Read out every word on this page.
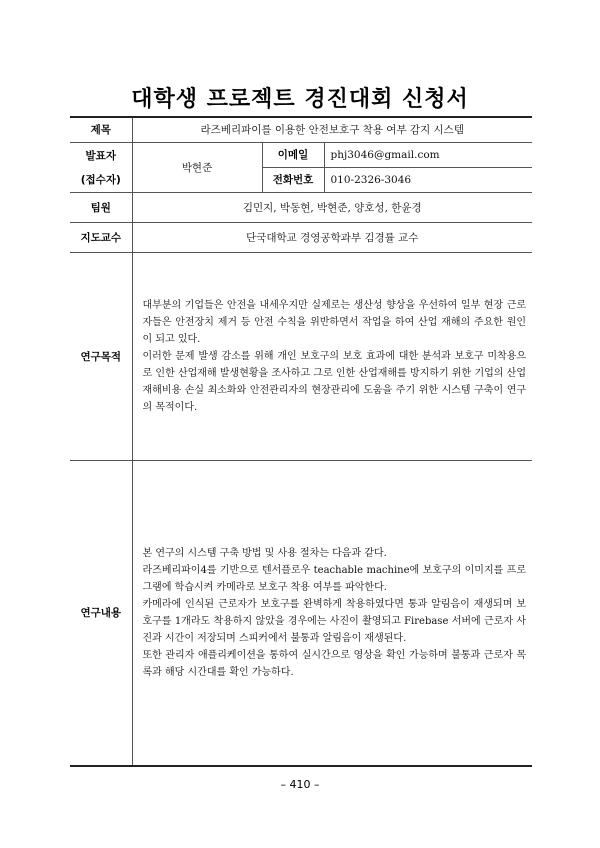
대학생 프로젝트 경진대회 신청서
제목	라즈베리파이를 이용한 안전보호구 착용 여부 감지 시스템		

발표자
(접수자)	박현준	이메일	phj3046@gmail.com
		전화번호	010-2326-3046
팀원	김민지, 박동현, 박현준, 양호성, 한윤경		
지도교수	단국대학교 경영공학과부 김경률 교수		
연구목적	대부분의 기업들은 안전을 내세우지만 실제로는 생산성 향상을 우선하여 일부 현장 근로자들은 안전장치 제거 등 안전 수칙을 위반하면서 작업을 하여 산업 재해의 주요한 원인이 되고 있다.

이러한 문제 발생 감소를 위해 개인 보호구의 보호 효과에 대한 분석과 보호구 미착용으로 인한 산업재해 발생현황을 조사하고 그로 인한 산업재해를 방지하기 위한 기업의 산업재해비용 손실 최소화와 안전관리자의 현장관리에 도움을 주기 위한 시스템 구축이 연구의 목적이다.		

연구내용	본 연구의 시스템 구축 방법 및 사용 절차는 다음과 같다.

라즈베리파이4를 기반으로 텐서플로우 teachable machine에 보호구의 이미지를 프로그램에 학습시켜 카메라로 보호구 착용 여부를 파악한다.

카메라에 인식된 근로자가 보호구를 완벽하게 착용하였다면 통과 알림음이 재생되며 보호구를 1개라도 착용하지 않았을 경우에는 사진이 촬영되고 Firebase 서버에 근로자 사진과 시간이 저장되며 스피커에서 불통과 알림음이 재생된다.

또한 관리자 애플리케이션을 통하여 실시간으로 영상을 확인 가능하며 불통과 근로자 목록과 해당 시간대를 확인 가능하다.		

– 410 –
